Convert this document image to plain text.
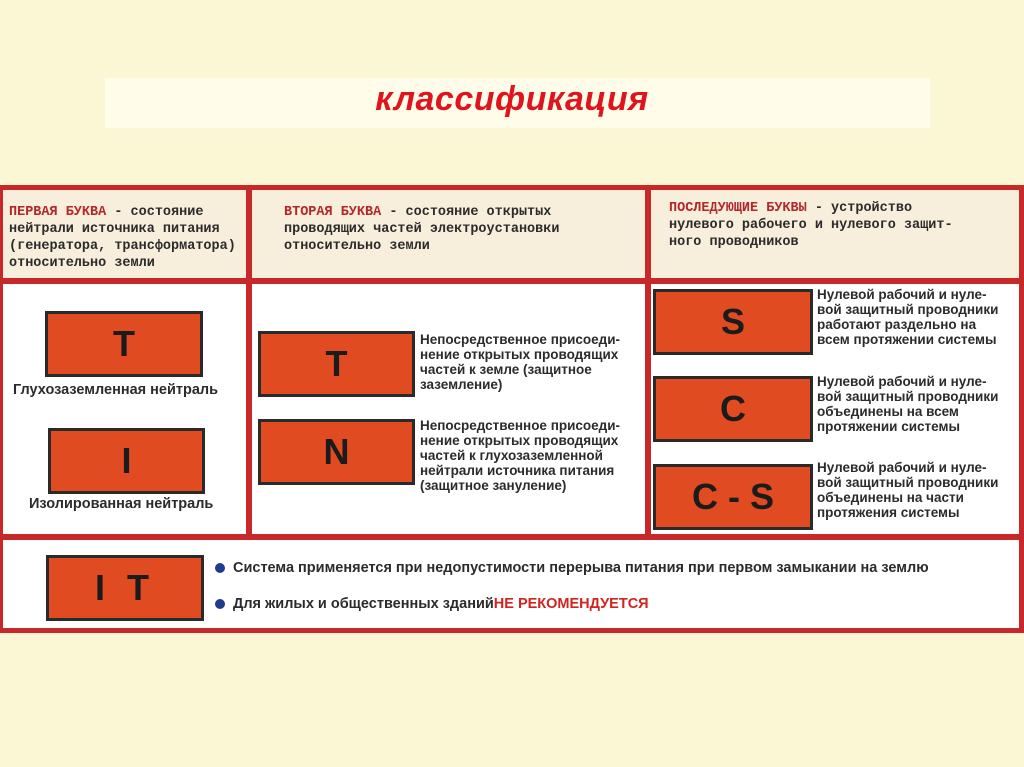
классификация
ПЕРВАЯ БУКВА - состояние
нейтрали источника питания
(генератора, трансформатора)
относительно земли
ВТОРАЯ БУКВА - состояние открытых
проводящих частей электроустановки
относительно земли
ПОСЛЕДУЮЩИЕ БУКВЫ - устройство
нулевого рабочего и нулевого защит-
ного проводников
T
Глухозаземленная нейтраль
I
Изолированная нейтраль
T
Непосредственное присоеди-
нение открытых проводящих
частей к земле (защитное
заземление)
N
Непосредственное присоеди-
нение открытых проводящих
частей к глухозаземленной
нейтрали источника питания
(защитное зануление)
S
Нулевой рабочий и нуле-
вой защитный проводники
работают раздельно на
всем протяжении системы
C
Нулевой рабочий и нуле-
вой защитный проводники
объединены на всем
протяжении системы
C - S
Нулевой рабочий и нуле-
вой защитный проводники
объединены на части
протяжения системы
I T	Система применяется при недопустимости перерыва питания при первом замыкании на землю
Для жилых и общественных зданий НЕ РЕКОМЕНДУЕТСЯ
